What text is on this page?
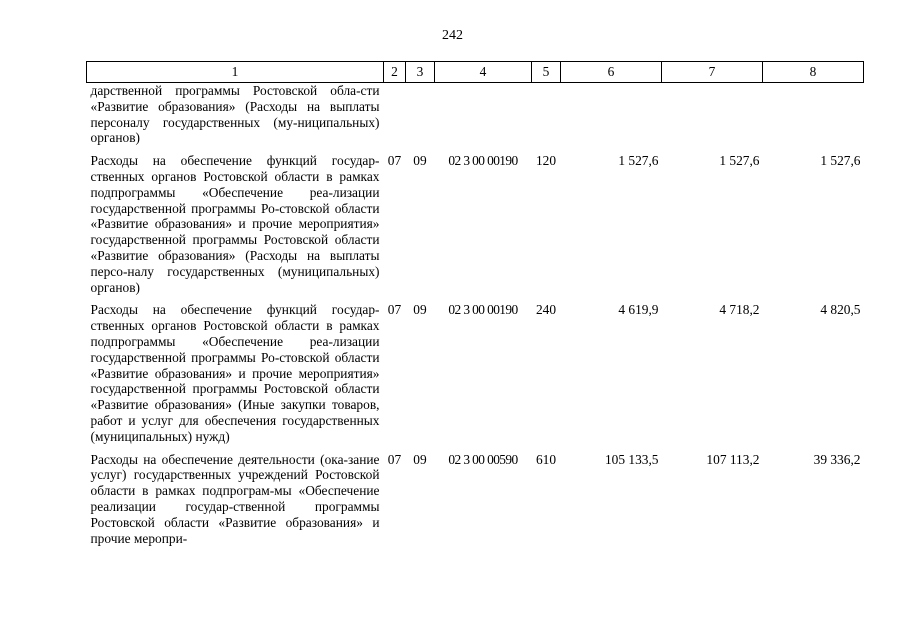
242
1	2	3	4	5	6	7	8
дарственной программы Ростовской обла-сти «Развитие образования» (Расходы на выплаты персоналу государственных (му-ниципальных) органов)							
Расходы на обеспечение функций государ-ственных органов Ростовской области в рамках подпрограммы «Обеспечение реа-лизации государственной программы Ро-стовской области «Развитие образования» и прочие мероприятия» государственной программы Ростовской области «Развитие образования» (Расходы на выплаты персо-налу государственных (муниципальных) органов)	07	09	02 3 00 00190	120	1 527,6	1 527,6	1 527,6
Расходы на обеспечение функций государ-ственных органов Ростовской области в рамках подпрограммы «Обеспечение реа-лизации государственной программы Ро-стовской области «Развитие образования» и прочие мероприятия» государственной программы Ростовской области «Развитие образования» (Иные закупки товаров, работ и услуг для обеспечения государственных (муниципальных) нужд)	07	09	02 3 00 00190	240	4 619,9	4 718,2	4 820,5
Расходы на обеспечение деятельности (ока-зание услуг) государственных учреждений Ростовской области в рамках подпрограм-мы «Обеспечение реализации государ-ственной программы Ростовской области «Развитие образования» и прочие меропри-	07	09	02 3 00 00590	610	105 133,5	107 113,2	39 336,2
